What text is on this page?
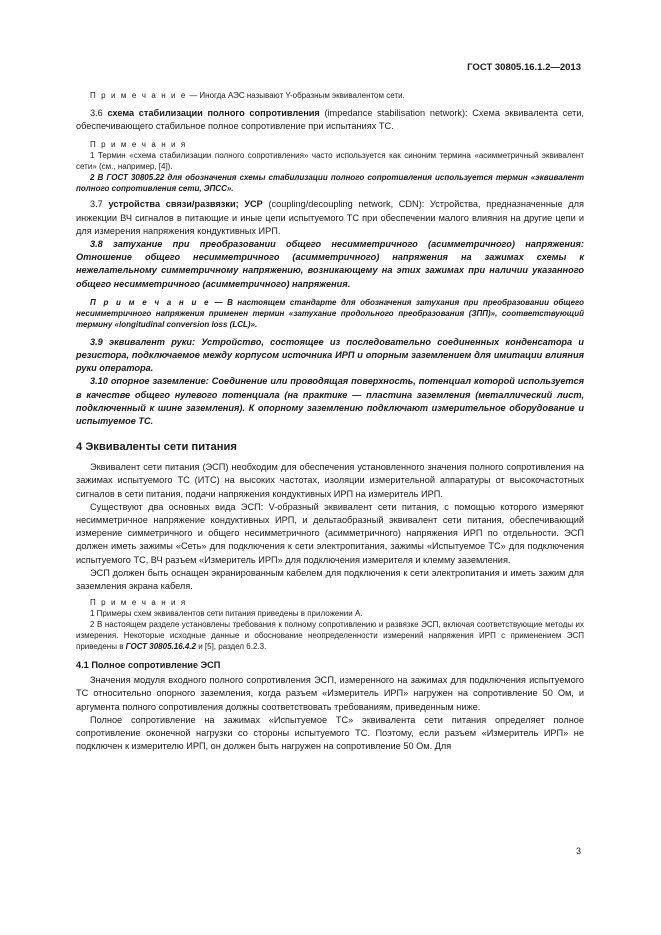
ГОСТ 30805.16.1.2—2013

П р и м е ч а н и е — Иногда АЭС называют Y-образным эквивалентом сети.

3.6 схема стабилизации полного сопротивления (impedance stabilisation network): Схема эквивалента сети, обеспечивающего стабильное полное сопротивление при испытаниях ТС.

П р и м е ч а н и я

1 Термин «схема стабилизации полного сопротивления» часто используется как синоним термина «асимметричный эквивалент сети» (см., например, [4]).

2 В ГОСТ 30805.22 для обозначения схемы стабилизации полного сопротивления используется термин «эквивалент полного сопротивления сети, ЭПСС».

3.7 устройства связи/развязки; УСР (coupling/decoupling network, CDN): Устройства, предназначенные для инжекции ВЧ сигналов в питающие и иные цепи испытуемого ТС при обеспечении малого влияния на другие цепи и для измерения напряжения кондуктивных ИРП.

3.8 затухание при преобразовании общего несимметричного (асимметричного) напряжения: Отношение общего несимметричного (асимметричного) напряжения на зажимах схемы к нежелательному симметричному напряжению, возникающему на этих зажимах при наличии указанного общего несимметричного (асимметричного) напряжения.

П р и м е ч а н и е — В настоящем стандарте для обозначения затухания при преобразовании общего несимметричного напряжения применен термин «затухание продольного преобразования (ЗПП)», соответствующий термину «longitudinal conversion loss (LCL)».

3.9 эквивалент руки: Устройство, состоящее из последовательно соединенных конденсатора и резистора, подключаемое между корпусом источника ИРП и опорным заземлением для имитации влияния руки оператора.

3.10 опорное заземление: Соединение или проводящая поверхность, потенциал которой используется в качестве общего нулевого потенциала (на практике — пластина заземления (металлический лист, подключенный к шине заземления). К опорному заземлению подключают измерительное оборудование и испытуемое ТС.

4 Эквиваленты сети питания

Эквивалент сети питания (ЭСП) необходим для обеспечения установленного значения полного сопротивления на зажимах испытуемого ТС (ИТС) на высоких частотах, изоляции измерительной аппаратуры от высокочастотных сигналов в сети питания, подачи напряжения кондуктивных ИРП на измеритель ИРП.

Существуют два основных вида ЭСП: V-образный эквивалент сети питания, с помощью которого измеряют несимметричное напряжение кондуктивных ИРП, и дельтаобразный эквивалент сети питания, обеспечивающий измерение симметричного и общего несимметричного (асимметричного) напряжения ИРП по отдельности. ЭСП должен иметь зажимы «Сеть» для подключения к сети электропитания, зажимы «Испытуемое ТС» для подключения испытуемого ТС, ВЧ разъем «Измеритель ИРП» для подключения измерителя и клемму заземления.

ЭСП должен быть оснащен экранированным кабелем для подключения к сети электропитания и иметь зажим для заземления экрана кабеля.

П р и м е ч а н и я

1 Примеры схем эквивалентов сети питания приведены в приложении А.

2 В настоящем разделе установлены требования к полному сопротивлению и развязке ЭСП, включая соответствующие методы их измерения. Некоторые исходные данные и обоснование неопределенности измерений напряжения ИРП с применением ЭСП приведены в ГОСТ 30805.16.4.2 и [5], раздел 6.2.3.

4.1 Полное сопротивление ЭСП

Значения модуля входного полного сопротивления ЭСП, измеренного на зажимах для подключения испытуемого ТС относительно опорного заземления, когда разъем «Измеритель ИРП» нагружен на сопротивление 50 Ом, и аргумента полного сопротивления должны соответствовать требованиям, приведенным ниже.

Полное сопротивление на зажимах «Испытуемое ТС» эквивалента сети питания определяет полное сопротивление оконечной нагрузки со стороны испытуемого ТС. Поэтому, если разъем «Измеритель ИРП» не подключен к измерителю ИРП, он должен быть нагружен на сопротивление 50 Ом. Для

3
